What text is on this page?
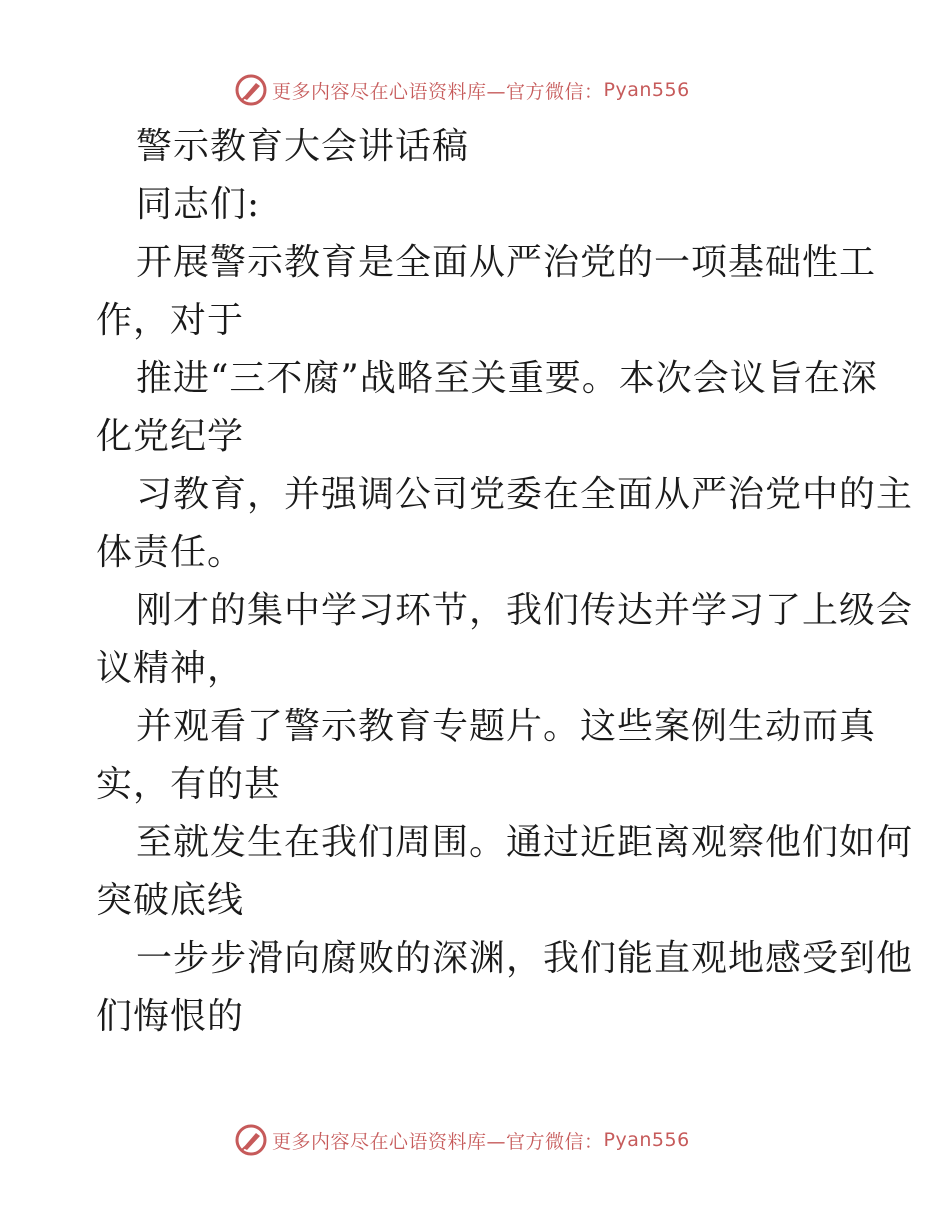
更多内容尽在心语资料库—官方微信： Pyan556
警示教育大会讲话稿
同志们:
开展警示教育是全面从严治党的一项基础性工
作，对于
推进“三不腐”战略至关重要。本次会议旨在深
化党纪学
习教育，并强调公司党委在全面从严治党中的主
体责任。
刚才的集中学习环节，我们传达并学习了上级会
议精神，
并观看了警示教育专题片。这些案例生动而真
实，有的甚
至就发生在我们周围。通过近距离观察他们如何
突破底线
一步步滑向腐败的深渊，我们能直观地感受到他
们悔恨的
更多内容尽在心语资料库—官方微信： Pyan556
